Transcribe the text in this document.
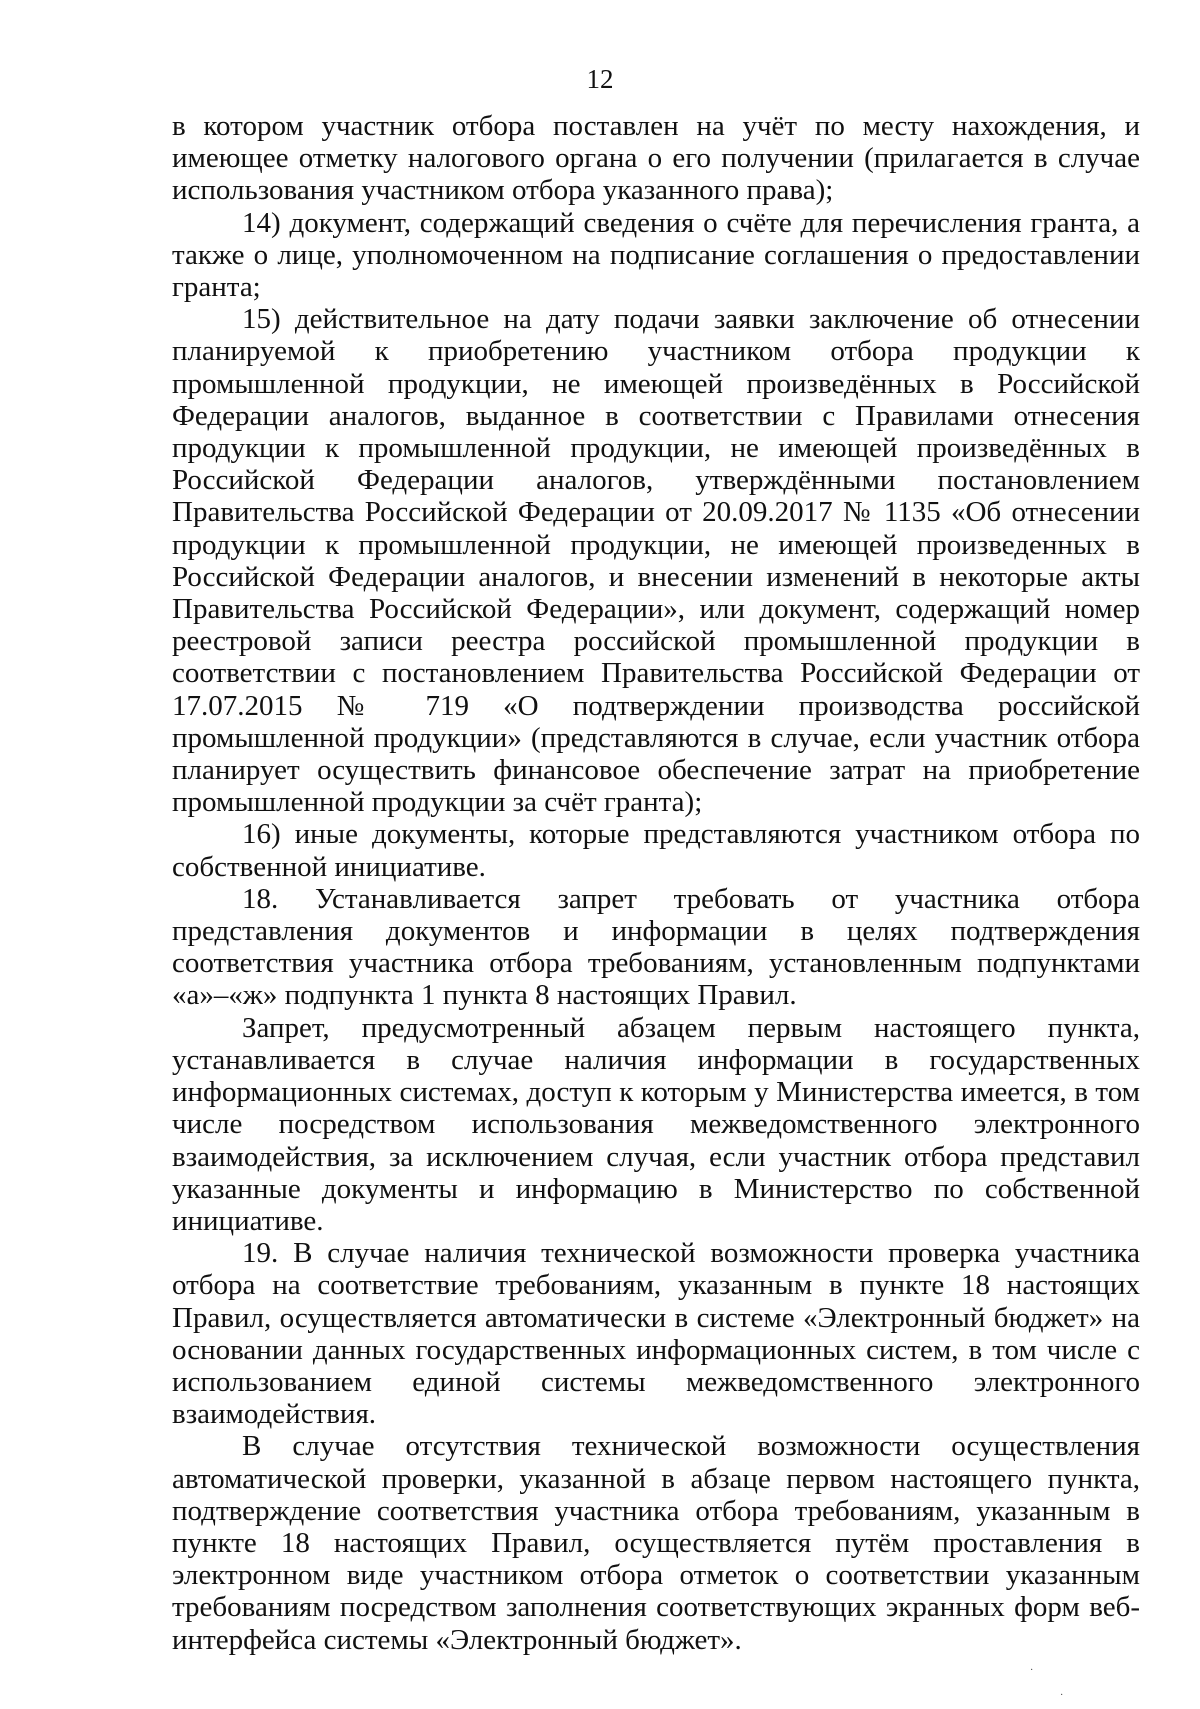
12

в котором участник отбора поставлен на учёт по месту нахождения, и имеющее отметку налогового органа о его получении (прилагается в случае использования участником отбора указанного права);

14) документ, содержащий сведения о счёте для перечисления гранта, а также о лице, уполномоченном на подписание соглашения о предоставлении гранта;

15) действительное на дату подачи заявки заключение об отнесении планируемой к приобретению участником отбора продукции к промышленной продукции, не имеющей произведённых в Российской Федерации аналогов, выданное в соответствии с Правилами отнесения продукции к промышленной продукции, не имеющей произведённых в Российской Федерации аналогов, утверждёнными постановлением Правительства Российской Федерации от 20.09.2017 № 1135 «Об отнесении продукции к промышленной продукции, не имеющей произведенных в Российской Федерации аналогов, и внесении изменений в некоторые акты Правительства Российской Федерации», или документ, содержащий номер реестровой записи реестра российской промышленной продукции в соответствии с постановлением Правительства Российской Федерации от 17.07.2015 № 719 «О подтверждении производства российской промышленной продукции» (представляются в случае, если участник отбора планирует осуществить финансовое обеспечение затрат на приобретение промышленной продукции за счёт гранта);

16) иные документы, которые представляются участником отбора по собственной инициативе.

18. Устанавливается запрет требовать от участника отбора представления документов и информации в целях подтверждения соответствия участника отбора требованиям, установленным подпунктами «а»–«ж» подпункта 1 пункта 8 настоящих Правил.

Запрет, предусмотренный абзацем первым настоящего пункта, устанавливается в случае наличия информации в государственных информационных системах, доступ к которым у Министерства имеется, в том числе посредством использования межведомственного электронного взаимодействия, за исключением случая, если участник отбора представил указанные документы и информацию в Министерство по собственной инициативе.

19. В случае наличия технической возможности проверка участника отбора на соответствие требованиям, указанным в пункте 18 настоящих Правил, осуществляется автоматически в системе «Электронный бюджет» на основании данных государственных информационных систем, в том числе с использованием единой системы межведомственного электронного взаимодействия.

В случае отсутствия технической возможности осуществления автоматической проверки, указанной в абзаце первом настоящего пункта, подтверждение соответствия участника отбора требованиям, указанным в пункте 18 настоящих Правил, осуществляется путём проставления в электронном виде участником отбора отметок о соответствии указанным требованиям посредством заполнения соответствующих экранных форм веб-интерфейса системы «Электронный бюджет».

·
·
